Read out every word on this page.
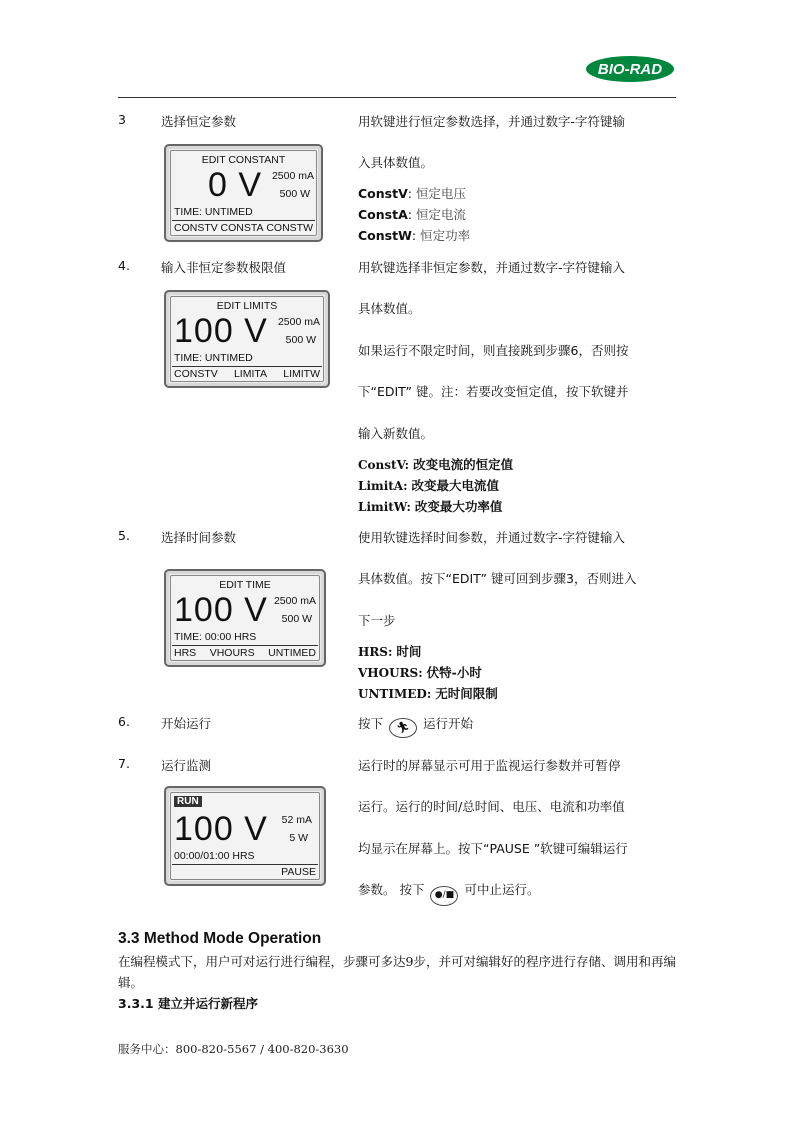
BIO-RAD
3	选择恒定参数	用软键进行恒定参数选择，并通过数字-字符键输
入具体数值。
ConstV: 恒定电压
ConstA: 恒定电流
ConstW: 恒定功率
EDIT CONSTANT
0 V 2500 mA
500 W
TIME: UNTIMED
CONSTV CONSTA CONSTW
4. 输入非恒定参数极限值	用软键选择非恒定参数，并通过数字-字符键输入
具体数值。
如果运行不限定时间，则直接跳到步骤6，否则按
下“EDIT” 键。注：若要改变恒定值，按下软键并
输入新数值。
ConstV: 改变电流的恒定值
LimitA: 改变最大电流值
LimitW: 改变最大功率值
EDIT LIMITS
100 V 2500 mA
500 W
TIME: UNTIMED
CONSTV LIMITA LIMITW
5. 选择时间参数	使用软键选择时间参数，并通过数字-字符键输入
具体数值。按下“EDIT” 键可回到步骤3，否则进入
下一步
HRS: 时间
VHOURS: 伏特-小时
UNTIMED: 无时间限制
EDIT TIME
100 V 2500 mA
500 W
TIME: 00:00 HRS
HRS VHOURS UNTIMED
6. 开始运行	按下 🏃︎ 运行开始
7. 运行监测	运行时的屏幕显示可用于监视运行参数并可暂停
运行。运行的时间/总时间、电压、电流和功率值
均显示在屏幕上。按下“PAUSE ”软键可编辑运行
参数。 按下 ●/■ 可中止运行。
RUN
100 V	52 mA
5 W
00:00/01:00 HRS
PAUSE
3.3 Method Mode Operation
在编程模式下，用户可对运行进行编程，步骤可多达9步，并可对编辑好的程序进行存储、调用和再编辑。
3.3.1 建立并运行新程序
服务中心：800-820-5567 / 400-820-3630
